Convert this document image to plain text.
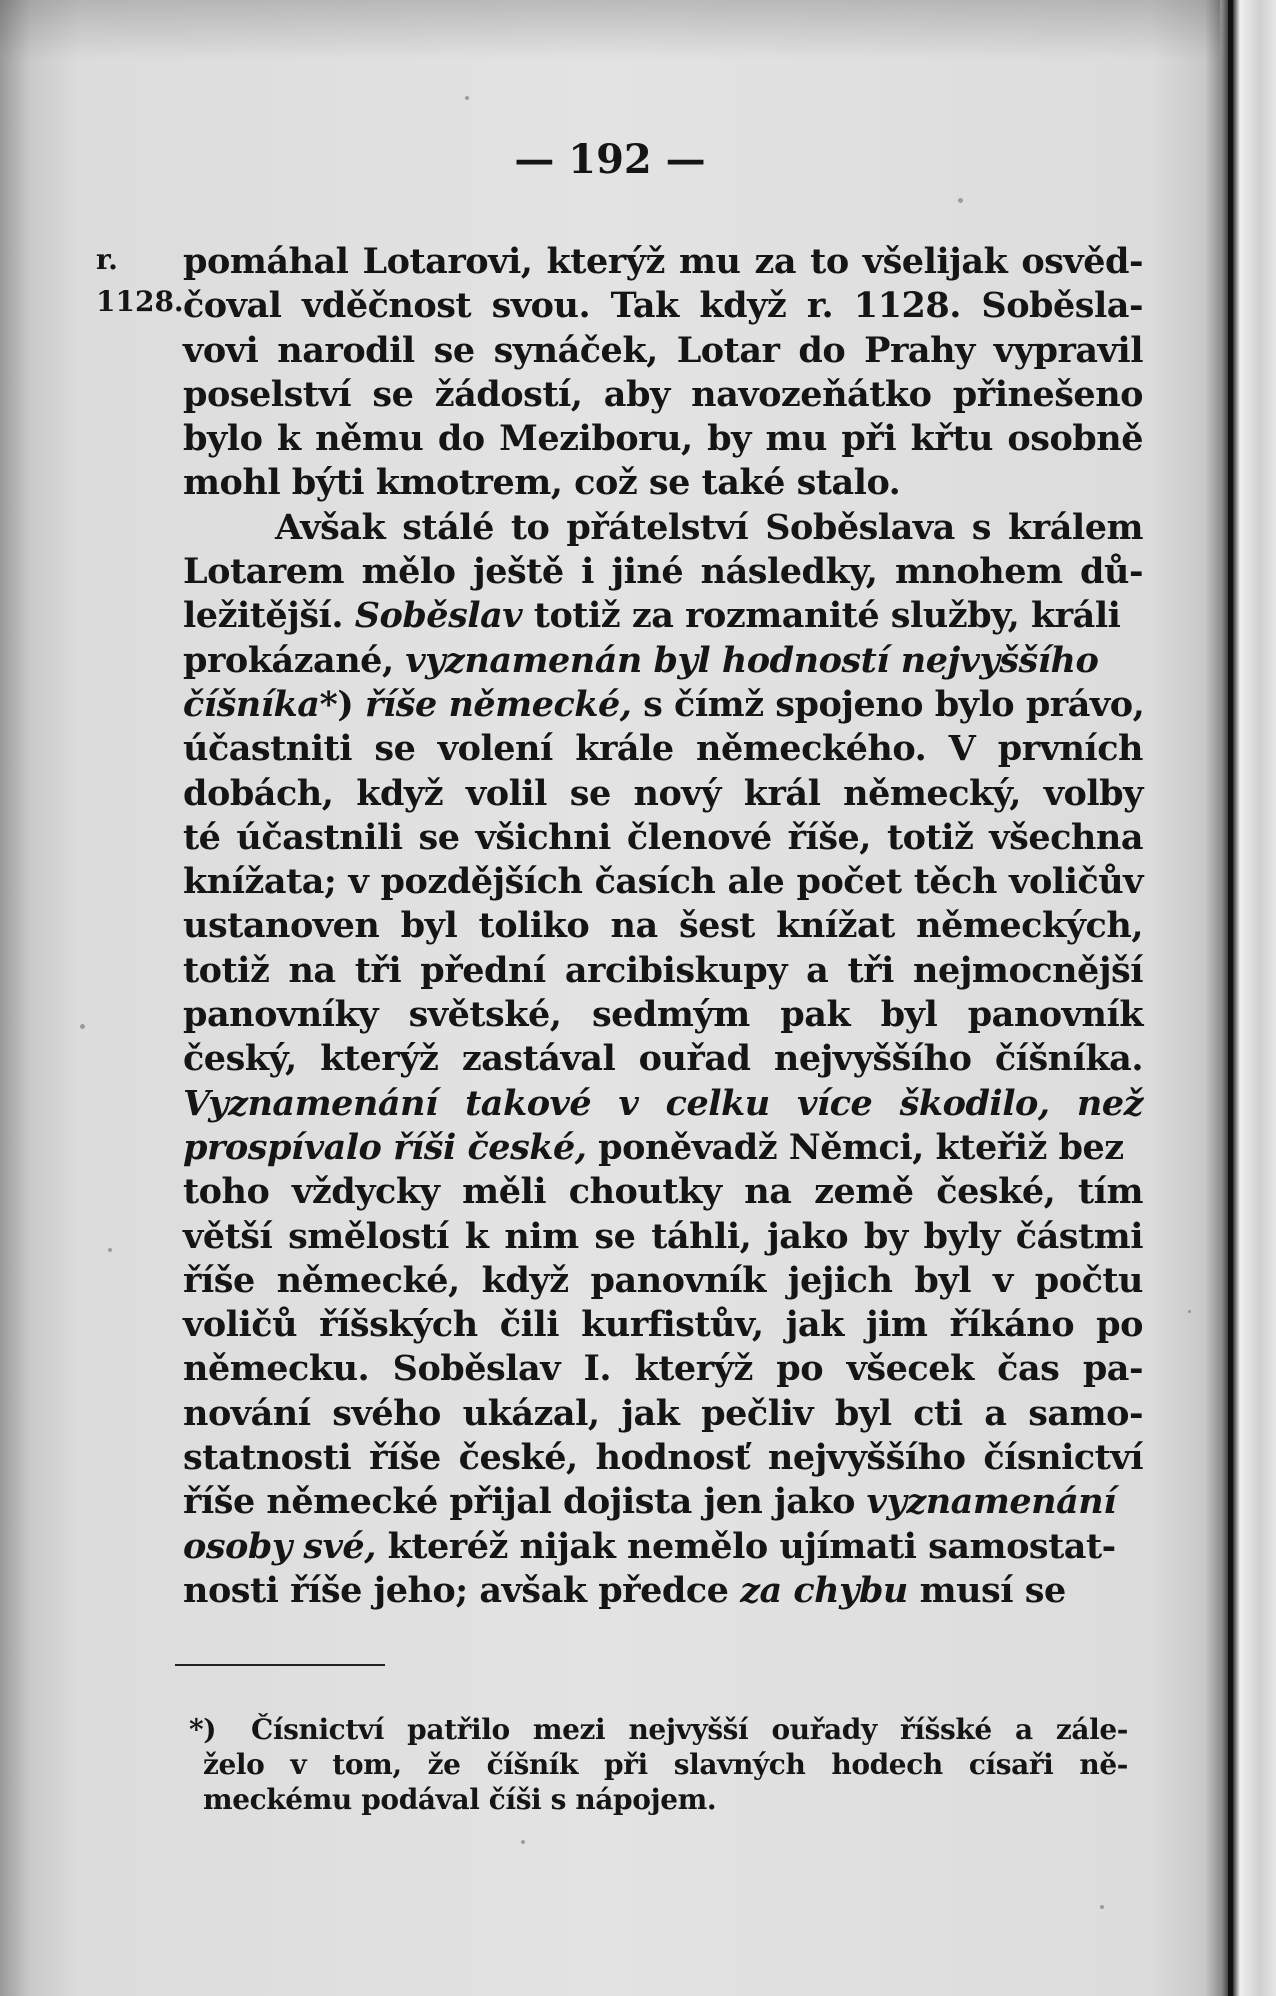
— 192 —
r.
1128.
pomáhal Lotarovi, kterýž mu za to všelijak osvěd-
čoval vděčnost svou. Tak když r. 1128. Soběsla-
vovi narodil se synáček, Lotar do Prahy vypravil
poselství se žádostí, aby navozeňátko přinešeno
bylo k němu do Meziboru, by mu při křtu osobně
mohl býti kmotrem, což se také stalo.
Avšak stálé to přátelství Soběslava s králem
Lotarem mělo ještě i jiné následky, mnohem dů-
ležitější. Soběslav totiž za rozmanité služby, králi
prokázané, vyznamenán byl hodností nejvyššího
číšníka*) říše německé, s čímž spojeno bylo právo,
účastniti se volení krále německého. V prvních
dobách, když volil se nový král německý, volby
té účastnili se všichni členové říše, totiž všechna
knížata; v pozdějších časích ale počet těch voličův
ustanoven byl toliko na šest knížat německých,
totiž na tři přední arcibiskupy a tři nejmocnější
panovníky světské, sedmým pak byl panovník
český, kterýž zastával ouřad nejvyššího číšníka.
Vyznamenání takové v celku více škodilo, než
prospívalo říši české, poněvadž Němci, kteřiž bez
toho vždycky měli choutky na země české, tím
větší smělostí k nim se táhli, jako by byly částmi
říše německé, když panovník jejich byl v počtu
voličů říšských čili kurfistův, jak jim říkáno po
německu. Soběslav I. kterýž po všecek čas pa-
nování svého ukázal, jak pečliv byl cti a samo-
statnosti říše české, hodnosť nejvyššího čísnictví
říše německé přijal dojista jen jako vyznamenání
osoby své, kteréž nijak nemělo ujímati samostat-
nosti říše jeho; avšak předce za chybu musí se
*) Čísnictví patřilo mezi nejvyšší ouřady říšské a zále-
želo v tom, že číšník při slavných hodech císaři ně-
meckému podával číši s nápojem.
